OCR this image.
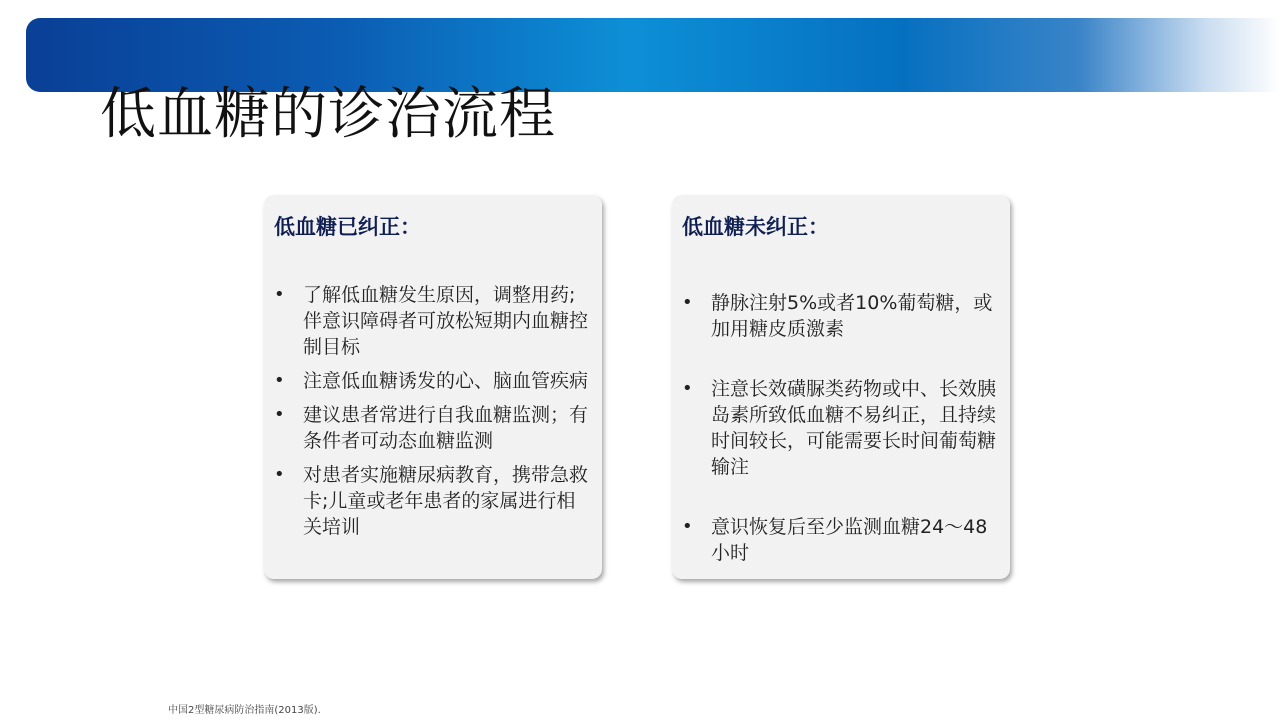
低血糖的诊治流程
低血糖已纠正：
• 了解低血糖发生原因，调整用药;伴意识障碍者可放松短期内血糖控制目标
• 注意低血糖诱发的心、脑血管疾病
• 建议患者常进行自我血糖监测；有条件者可动态血糖监测
• 对患者实施糖尿病教育，携带急救卡;儿童或老年患者的家属进行相关培训
低血糖未纠正：
• 静脉注射5%或者10%葡萄糖，或加用糖皮质激素
• 注意长效磺脲类药物或中、长效胰岛素所致低血糖不易纠正，且持续时间较长，可能需要长时间葡萄糖输注
• 意识恢复后至少监测血糖24～48小时
中国2型糖尿病防治指南(2013版).
